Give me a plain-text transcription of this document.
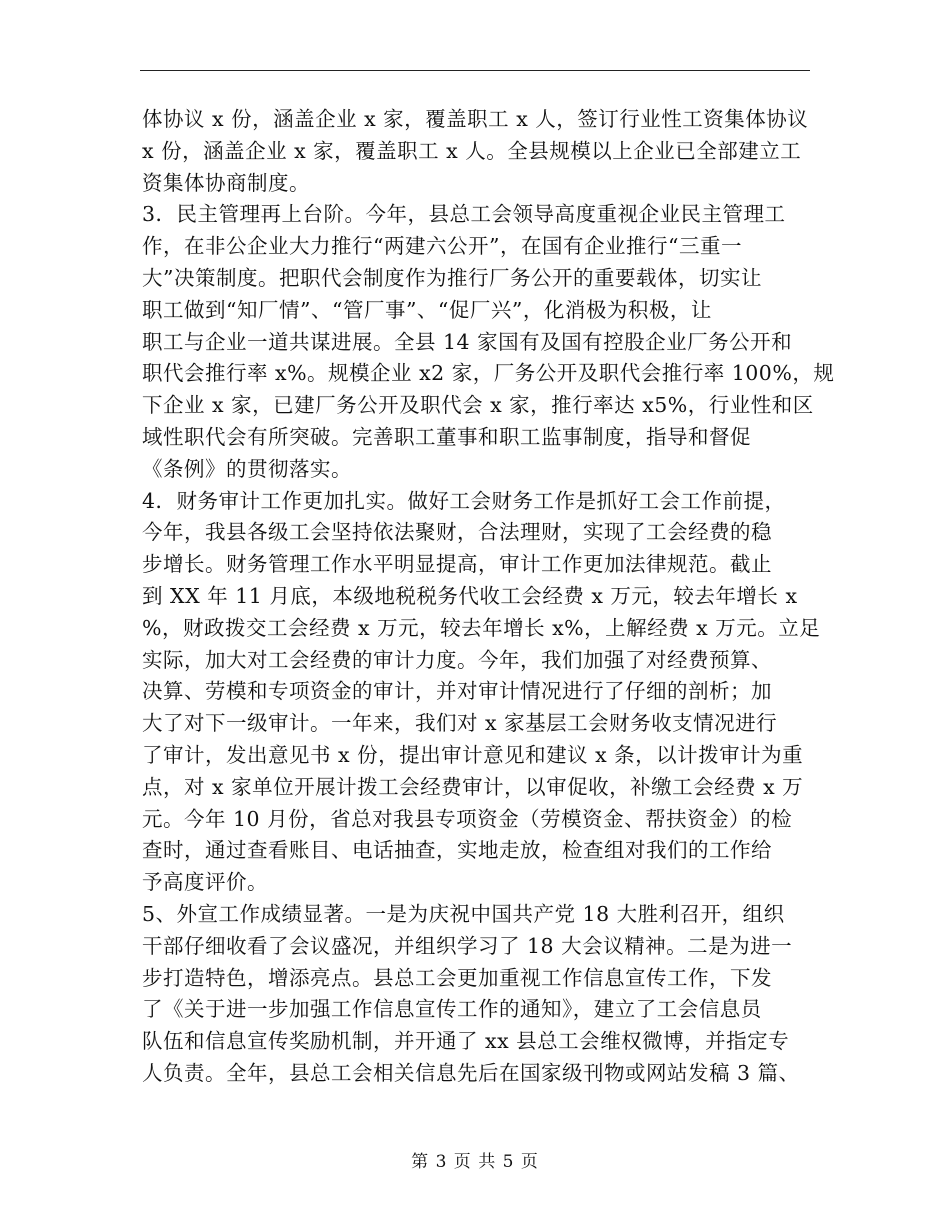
体协议 x 份，涵盖企业 x 家，覆盖职工 x 人，签订行业性工资集体协议
x 份，涵盖企业 x 家，覆盖职工 x 人。全县规模以上企业已全部建立工
资集体协商制度。
3．民主管理再上台阶。今年，县总工会领导高度重视企业民主管理工
作，在非公企业大力推行“两建六公开”，在国有企业推行“三重一
大”决策制度。把职代会制度作为推行厂务公开的重要载体，切实让
职工做到“知厂情”、“管厂事”、“促厂兴”，化消极为积极，让
职工与企业一道共谋进展。全县 14 家国有及国有控股企业厂务公开和
职代会推行率 x%。规模企业 x2 家，厂务公开及职代会推行率 100%，规
下企业 x 家，已建厂务公开及职代会 x 家，推行率达 x5%，行业性和区
域性职代会有所突破。完善职工董事和职工监事制度，指导和督促
《条例》的贯彻落实。
4．财务审计工作更加扎实。做好工会财务工作是抓好工会工作前提，
今年，我县各级工会坚持依法聚财，合法理财，实现了工会经费的稳
步增长。财务管理工作水平明显提高，审计工作更加法律规范。截止
到 XX 年 11 月底，本级地税税务代收工会经费 x 万元，较去年增长 x
%，财政拨交工会经费 x 万元，较去年增长 x%，上解经费 x 万元。立足
实际，加大对工会经费的审计力度。今年，我们加强了对经费预算、
决算、劳模和专项资金的审计，并对审计情况进行了仔细的剖析；加
大了对下一级审计。一年来，我们对 x 家基层工会财务收支情况进行
了审计，发出意见书 x 份，提出审计意见和建议 x 条，以计拨审计为重
点，对 x 家单位开展计拨工会经费审计，以审促收，补缴工会经费 x 万
元。今年 10 月份，省总对我县专项资金（劳模资金、帮扶资金）的检
查时，通过查看账目、电话抽查，实地走放，检查组对我们的工作给
予高度评价。
5、外宣工作成绩显著。一是为庆祝中国共产党 18 大胜利召开，组织
干部仔细收看了会议盛况，并组织学习了 18 大会议精神。二是为进一
步打造特色，增添亮点。县总工会更加重视工作信息宣传工作，下发
了《关于进一步加强工作信息宣传工作的通知》，建立了工会信息员
队伍和信息宣传奖励机制，并开通了 xx 县总工会维权微博，并指定专
人负责。全年，县总工会相关信息先后在国家级刊物或网站发稿 3 篇、
第 3 页 共 5 页
